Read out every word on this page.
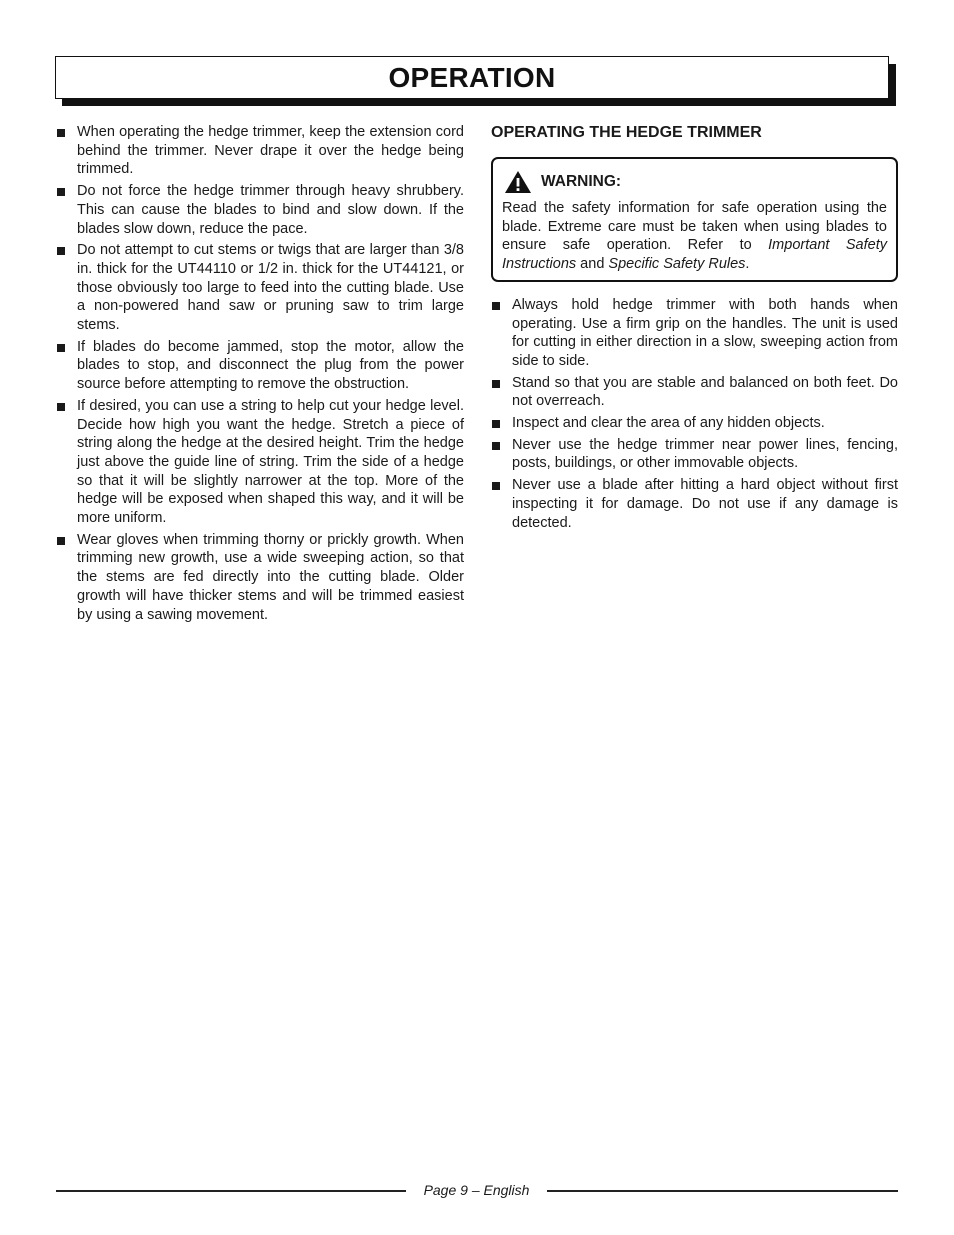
OPERATION
When operating the hedge trimmer, keep the extension cord behind the trimmer. Never drape it over the hedge being trimmed.
Do not force the hedge trimmer through heavy shrubbery. This can cause the blades to bind and slow down. If the blades slow down, reduce the pace.
Do not attempt to cut stems or twigs that are larger than 3/8 in. thick for the UT44110 or 1/2 in. thick for the UT44121, or those obviously too large to feed into the cutting blade. Use a non-powered hand saw or pruning saw to trim large stems.
If blades do become jammed, stop the motor, allow the blades to stop, and disconnect the plug from the power source before attempting to remove the obstruction.
If desired, you can use a string to help cut your hedge level. Decide how high you want the hedge. Stretch a piece of string along the hedge at the desired height. Trim the hedge just above the guide line of string. Trim the side of a hedge so that it will be slightly narrower at the top. More of the hedge will be exposed when shaped this way, and it will be more uniform.
Wear gloves when trimming thorny or prickly growth. When trimming new growth, use a wide sweeping action, so that the stems are fed directly into the cutting blade. Older growth will have thicker stems and will be trimmed easiest by using a sawing movement.
OPERATING THE HEDGE TRIMMER
WARNING:
Read the safety information for safe operation using the blade. Extreme care must be taken when using blades to ensure safe operation. Refer to Important Safety Instructions and Specific Safety Rules.
Always hold hedge trimmer with both hands when operating. Use a firm grip on the handles. The unit is used for cutting in either direction in a slow, sweeping action from side to side.
Stand so that you are stable and balanced on both feet. Do not overreach.
Inspect and clear the area of any hidden objects.
Never use the hedge trimmer near power lines, fencing, posts, buildings, or other immovable objects.
Never use a blade after hitting a hard object without first inspecting it for damage. Do not use if any damage is detected.
Page 9 – English
